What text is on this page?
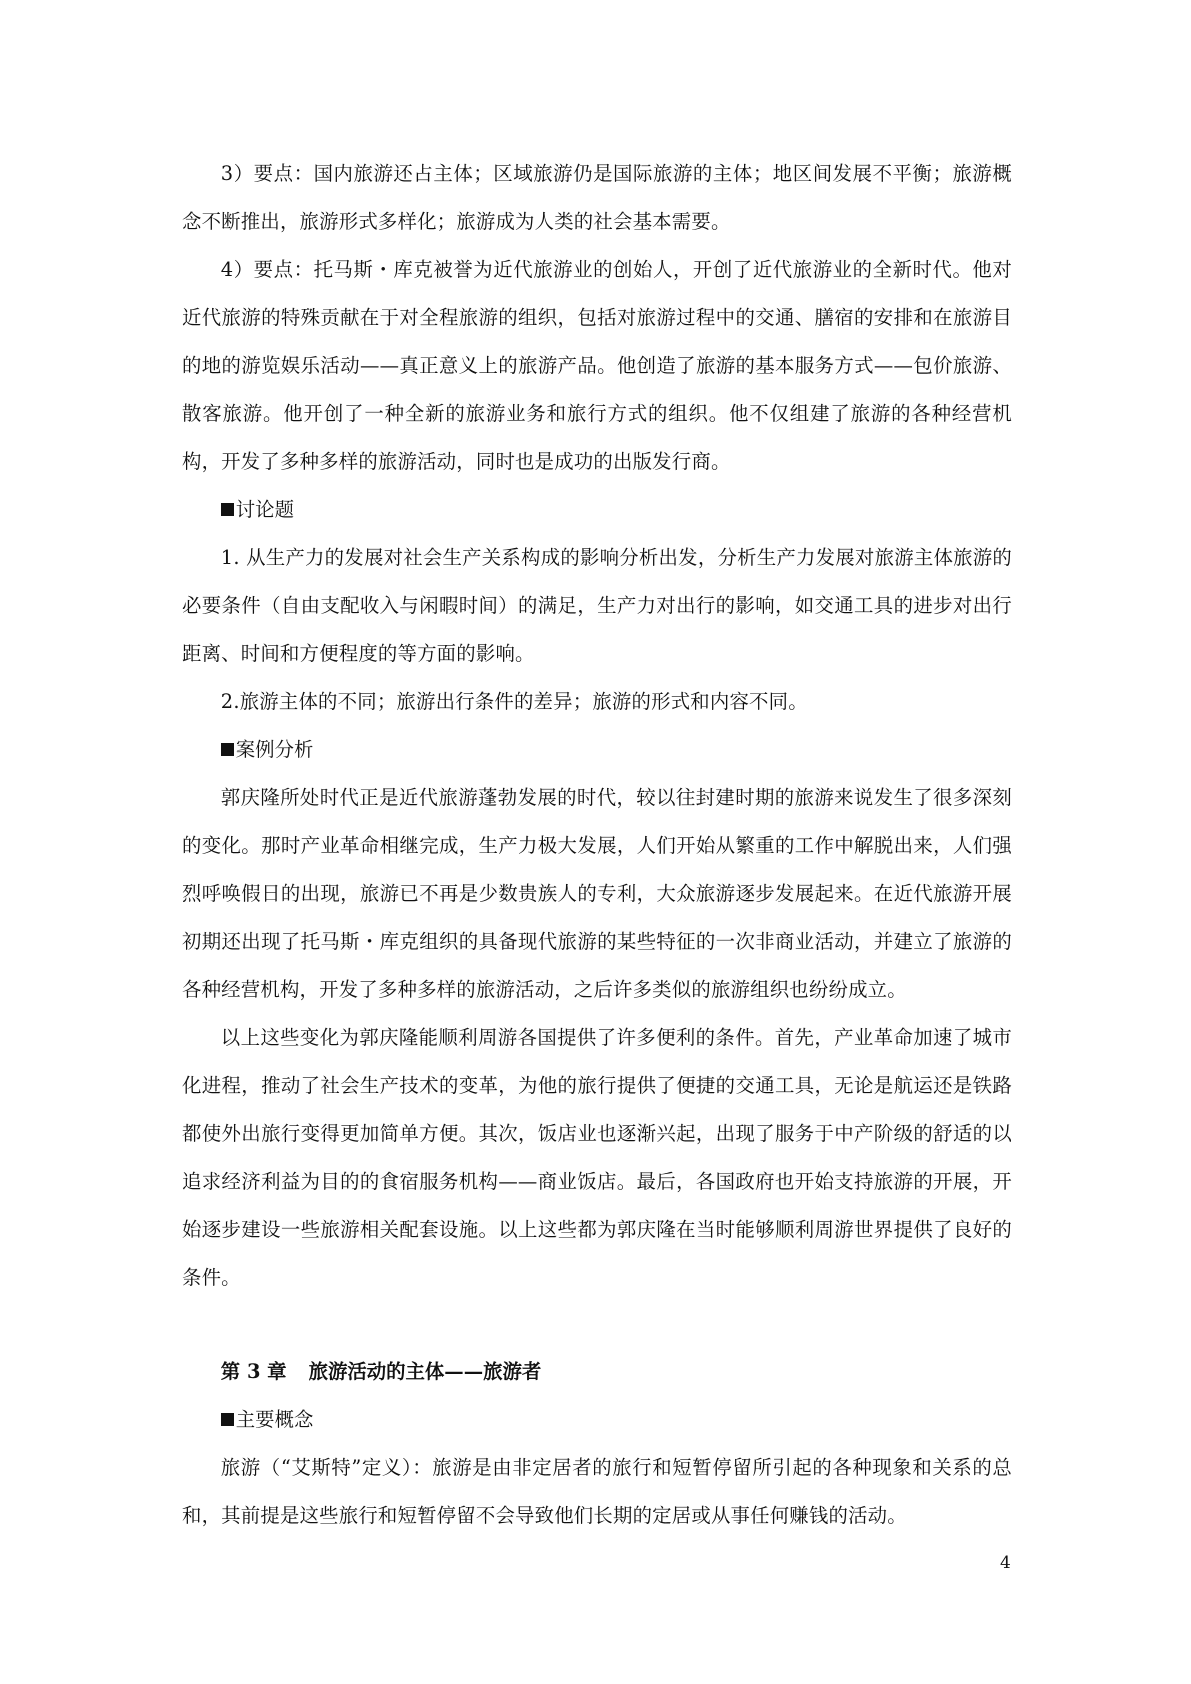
3）要点：国内旅游还占主体；区域旅游仍是国际旅游的主体；地区间发展不平衡；旅游概念不断推出，旅游形式多样化；旅游成为人类的社会基本需要。

4）要点：托马斯・库克被誉为近代旅游业的创始人，开创了近代旅游业的全新时代。他对近代旅游的特殊贡献在于对全程旅游的组织，包括对旅游过程中的交通、膳宿的安排和在旅游目的地的游览娱乐活动——真正意义上的旅游产品。他创造了旅游的基本服务方式——包价旅游、散客旅游。他开创了一种全新的旅游业务和旅行方式的组织。他不仅组建了旅游的各种经营机构，开发了多种多样的旅游活动，同时也是成功的出版发行商。

讨论题

1. 从生产力的发展对社会生产关系构成的影响分析出发，分析生产力发展对旅游主体旅游的必要条件（自由支配收入与闲暇时间）的满足，生产力对出行的影响，如交通工具的进步对出行距离、时间和方便程度的等方面的影响。

2.旅游主体的不同；旅游出行条件的差异；旅游的形式和内容不同。

案例分析

郭庆隆所处时代正是近代旅游蓬勃发展的时代，较以往封建时期的旅游来说发生了很多深刻的变化。那时产业革命相继完成，生产力极大发展，人们开始从繁重的工作中解脱出来，人们强烈呼唤假日的出现，旅游已不再是少数贵族人的专利，大众旅游逐步发展起来。在近代旅游开展初期还出现了托马斯・库克组织的具备现代旅游的某些特征的一次非商业活动，并建立了旅游的各种经营机构，开发了多种多样的旅游活动，之后许多类似的旅游组织也纷纷成立。

以上这些变化为郭庆隆能顺利周游各国提供了许多便利的条件。首先，产业革命加速了城市化进程，推动了社会生产技术的变革，为他的旅行提供了便捷的交通工具，无论是航运还是铁路都使外出旅行变得更加简单方便。其次，饭店业也逐渐兴起，出现了服务于中产阶级的舒适的以追求经济利益为目的的食宿服务机构——商业饭店。最后，各国政府也开始支持旅游的开展，开始逐步建设一些旅游相关配套设施。以上这些都为郭庆隆在当时能够顺利周游世界提供了良好的条件。

第 3 章 旅游活动的主体——旅游者

主要概念

旅游（“艾斯特”定义）：旅游是由非定居者的旅行和短暂停留所引起的各种现象和关系的总和，其前提是这些旅行和短暂停留不会导致他们长期的定居或从事任何赚钱的活动。

4
